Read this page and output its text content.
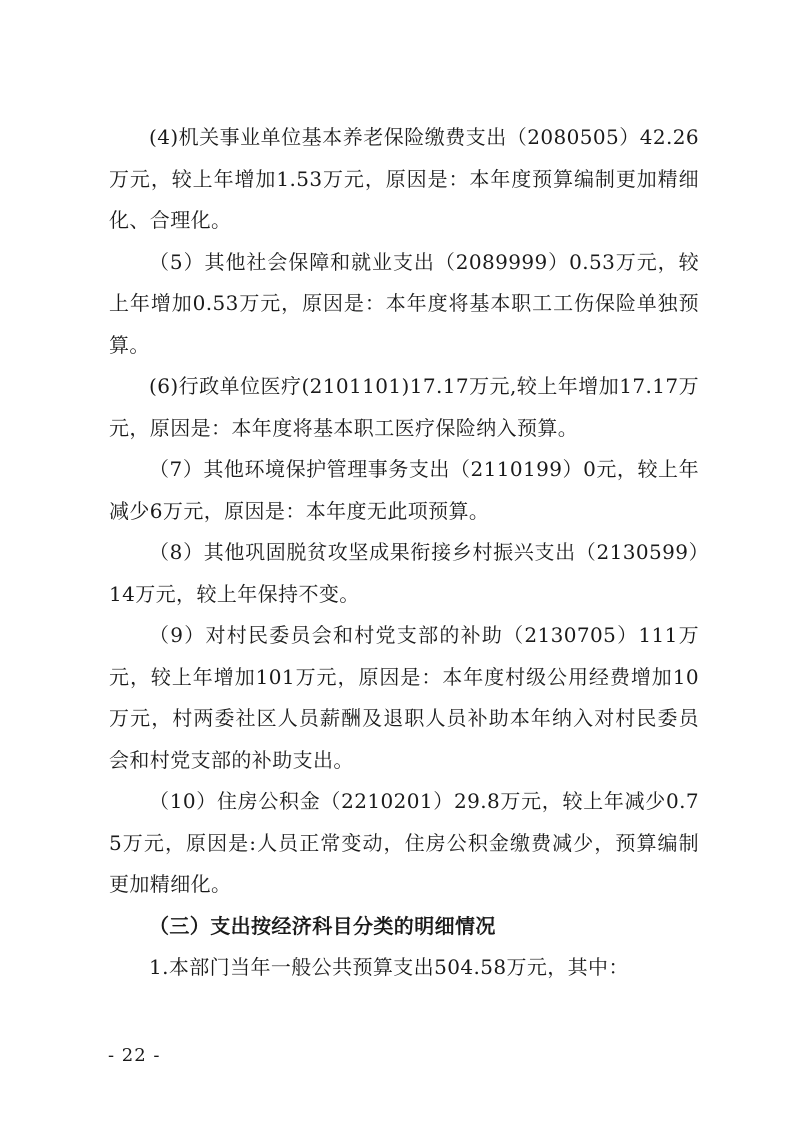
(4)机关事业单位基本养老保险缴费支出（2080505）42.26万元，较上年增加1.53万元，原因是：本年度预算编制更加精细化、合理化。

（5）其他社会保障和就业支出（2089999）0.53万元，较上年增加0.53万元，原因是：本年度将基本职工工伤保险单独预算。

(6)行政单位医疗(2101101)17.17万元,较上年增加17.17万元，原因是：本年度将基本职工医疗保险纳入预算。

（7）其他环境保护管理事务支出（2110199）0元，较上年减少6万元，原因是：本年度无此项预算。

（8）其他巩固脱贫攻坚成果衔接乡村振兴支出（2130599）14万元，较上年保持不变。

（9）对村民委员会和村党支部的补助（2130705）111万元，较上年增加101万元，原因是：本年度村级公用经费增加10万元，村两委社区人员薪酬及退职人员补助本年纳入对村民委员会和村党支部的补助支出。

（10）住房公积金（2210201）29.8万元，较上年减少0.75万元，原因是:人员正常变动，住房公积金缴费减少，预算编制更加精细化。

（三）支出按经济科目分类的明细情况

1.本部门当年一般公共预算支出504.58万元，其中：

- 22 -
